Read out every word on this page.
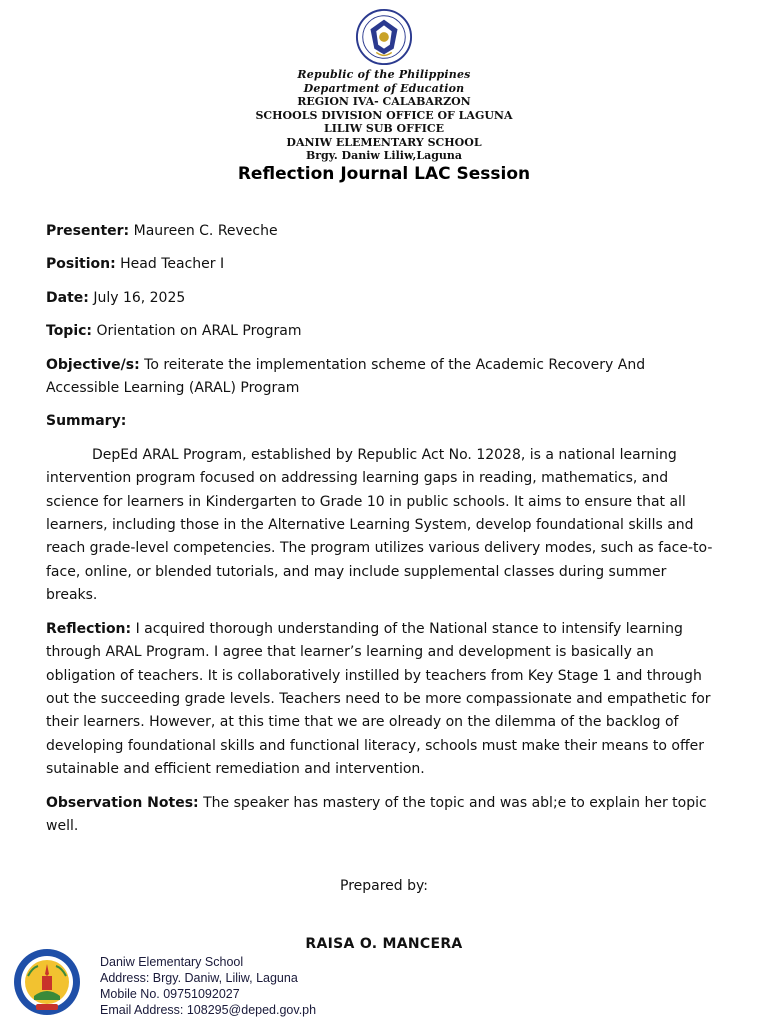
Republic of the Philippines
Department of Education
REGION IVA- CALABARZON
SCHOOLS DIVISION OFFICE OF LAGUNA
LILIW SUB OFFICE
DANIW ELEMENTARY SCHOOL
Brgy. Daniw Liliw,Laguna
Reflection Journal LAC Session

Presenter: Maureen C. Reveche

Position: Head Teacher I

Date: July 16, 2025

Topic: Orientation on ARAL Program

Objective/s: To reiterate the implementation scheme of the Academic Recovery And Accessible Learning (ARAL) Program

Summary:

DepEd ARAL Program, established by Republic Act No. 12028, is a national learning intervention program focused on addressing learning gaps in reading, mathematics, and science for learners in Kindergarten to Grade 10 in public schools. It aims to ensure that all learners, including those in the Alternative Learning System, develop foundational skills and reach grade-level competencies. The program utilizes various delivery modes, such as face-to-face, online, or blended tutorials, and may include supplemental classes during summer breaks.

Reflection: I acquired thorough understanding of the National stance to intensify learning through ARAL Program. I agree that learner’s learning and development is basically an obligation of teachers. It is collaboratively instilled by teachers from Key Stage 1 and through out the succeeding grade levels. Teachers need to be more compassionate and empathetic for their learners. However, at this time that we are olready on the dilemma of the backlog of developing foundational skills and functional literacy, schools must make their means to offer sutainable and efficient remediation and intervention.

Observation Notes: The speaker has mastery of the topic and was abl;e to explain her topic well.

Prepared by:
RAISA O. MANCERA
Daniw Elementary School
Address: Brgy. Daniw, Liliw, Laguna
Mobile No. 09751092027
Email Address: 108295@deped.gov.ph
